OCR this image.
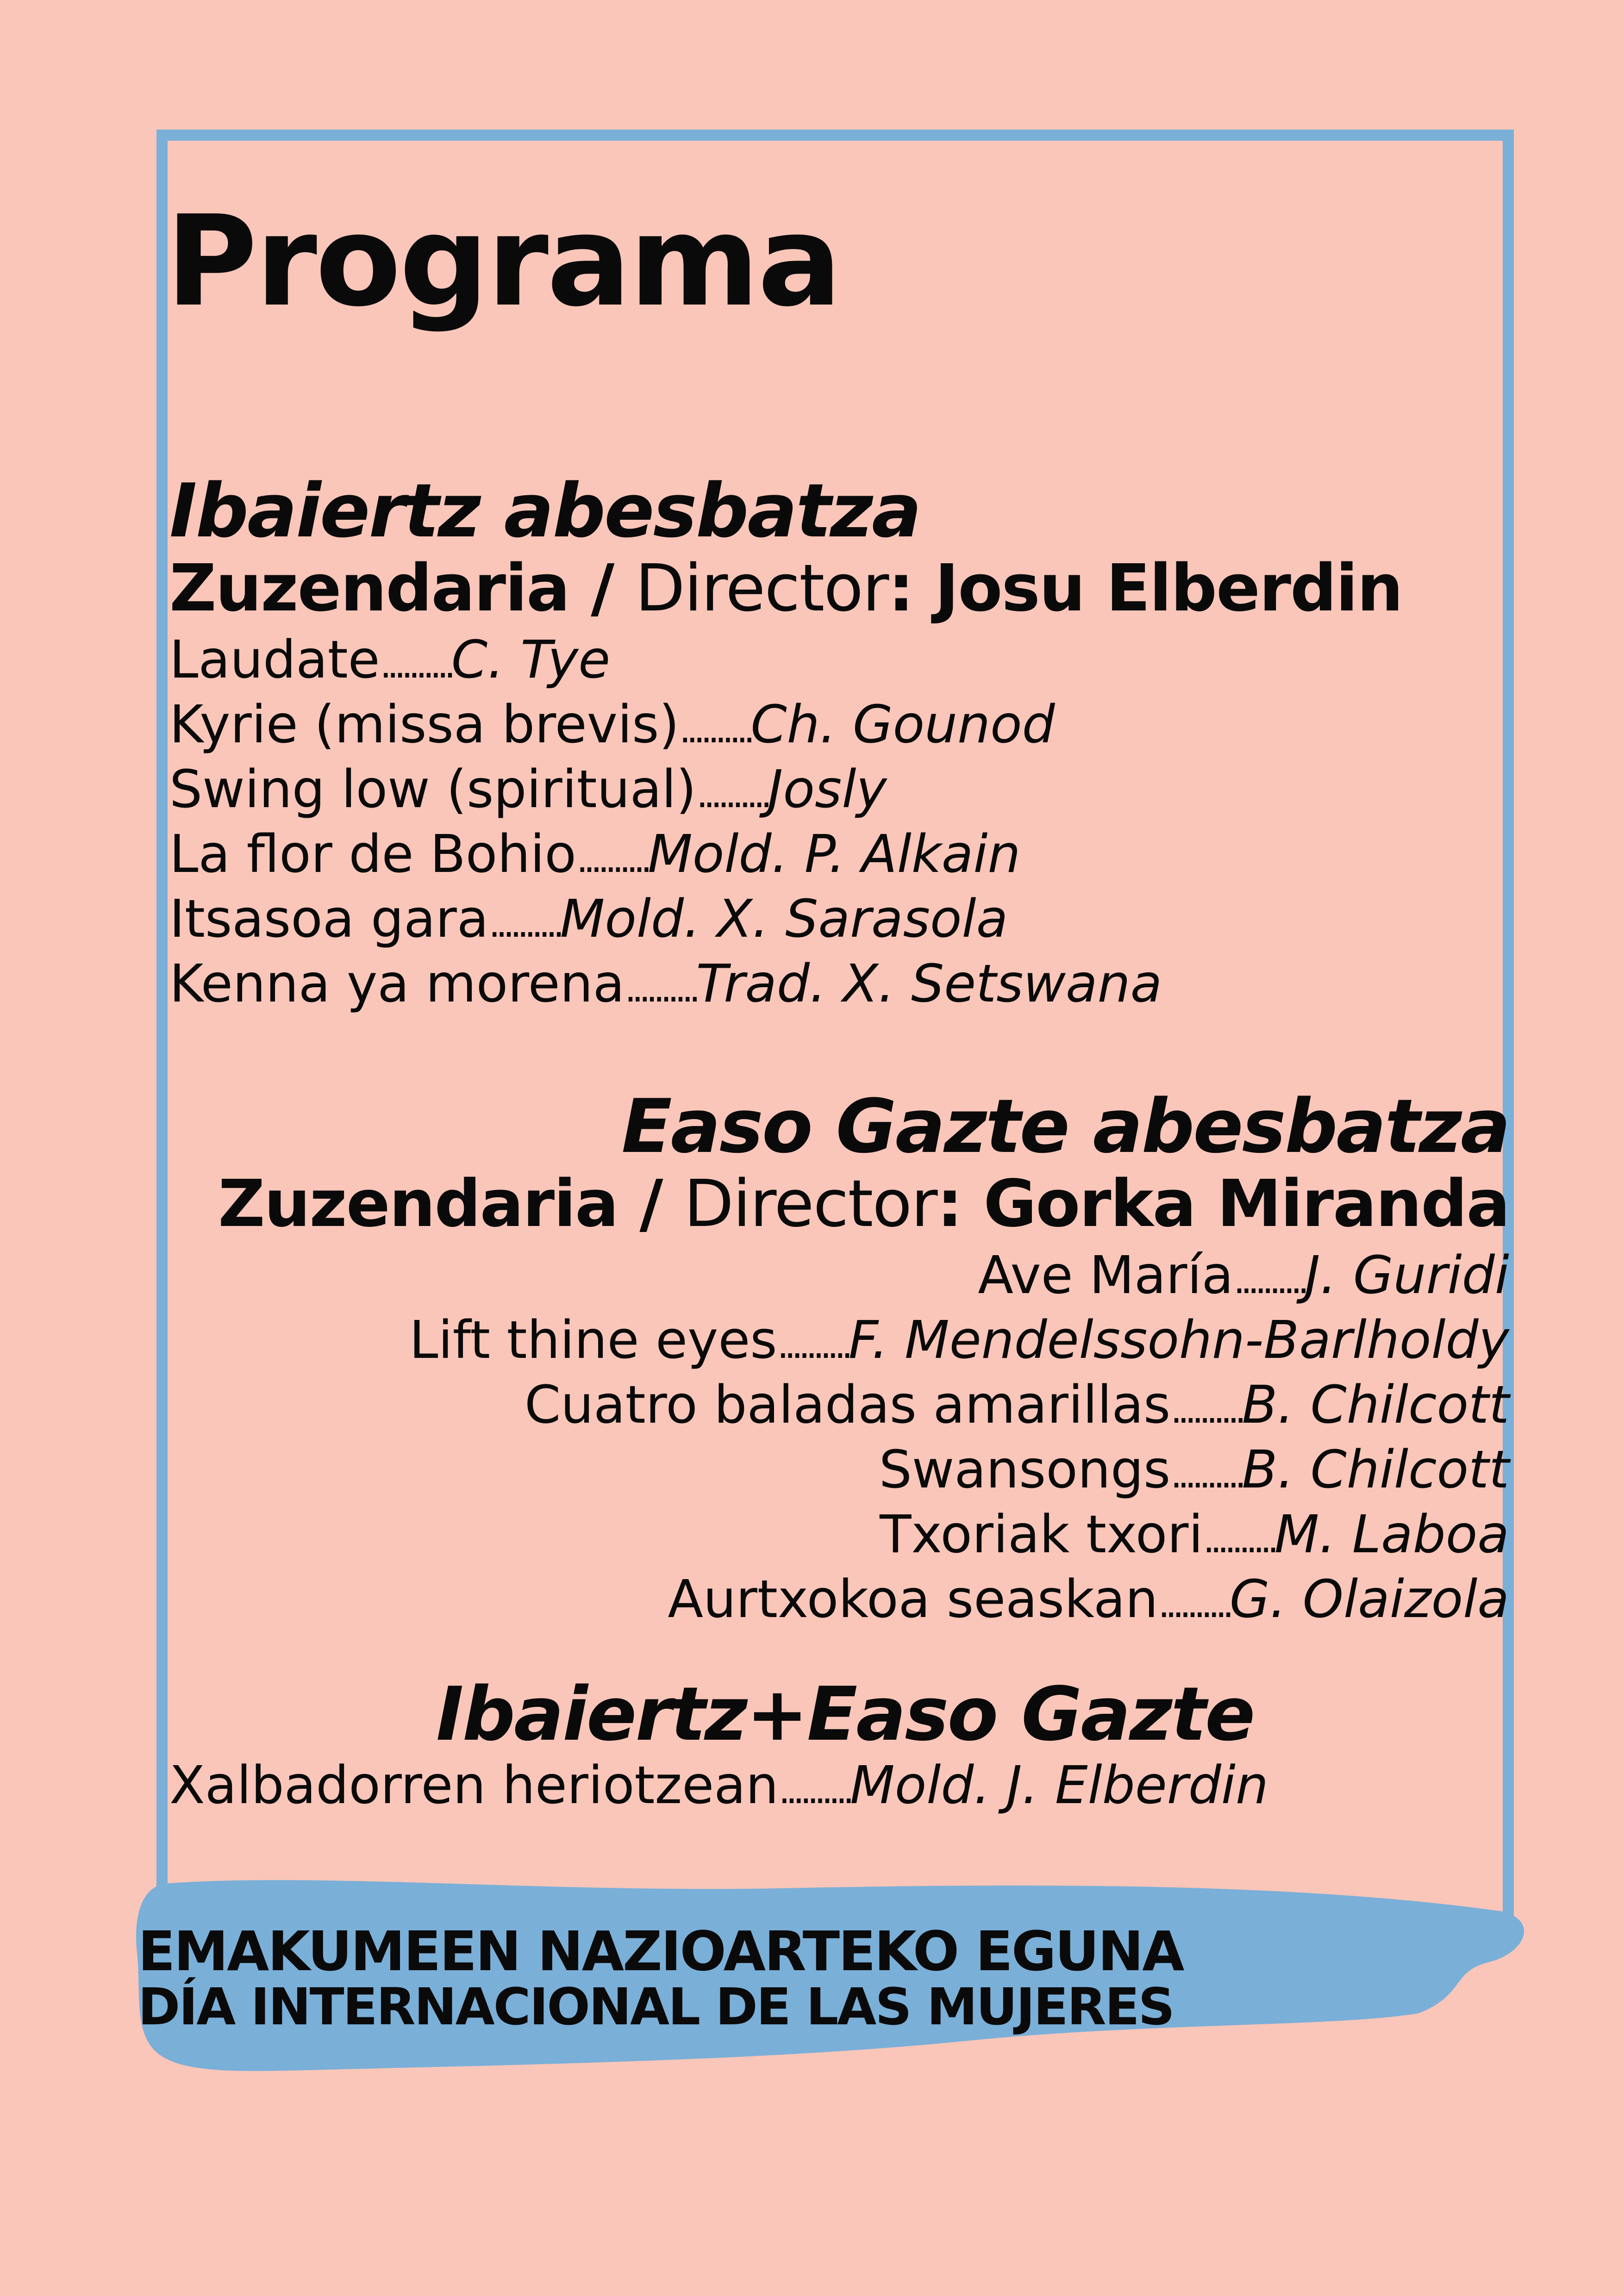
Programa
Ibaiertz abesbatza
Zuzendaria / Director: Josu Elberdin
Laudate..........C. Tye
Kyrie (missa brevis)..........Ch. Gounod
Swing low (spiritual)..........Josly
La flor de Bohio..........Mold. P. Alkain
Itsasoa gara..........Mold. X. Sarasola
Kenna ya morena..........Trad. X. Setswana
Easo Gazte abesbatza
Zuzendaria / Director: Gorka Miranda
Ave María..........J. Guridi
Lift thine eyes..........F. Mendelssohn-Barlholdy
Cuatro baladas amarillas..........B. Chilcott
Swansongs..........B. Chilcott
Txoriak txori..........M. Laboa
Aurtxokoa seaskan..........G. Olaizola
Ibaiertz+Easo Gazte
Xalbadorren heriotzean..........Mold. J. Elberdin
EMAKUMEEN NAZIOARTEKO EGUNA
DÍA INTERNACIONAL DE LAS MUJERES
